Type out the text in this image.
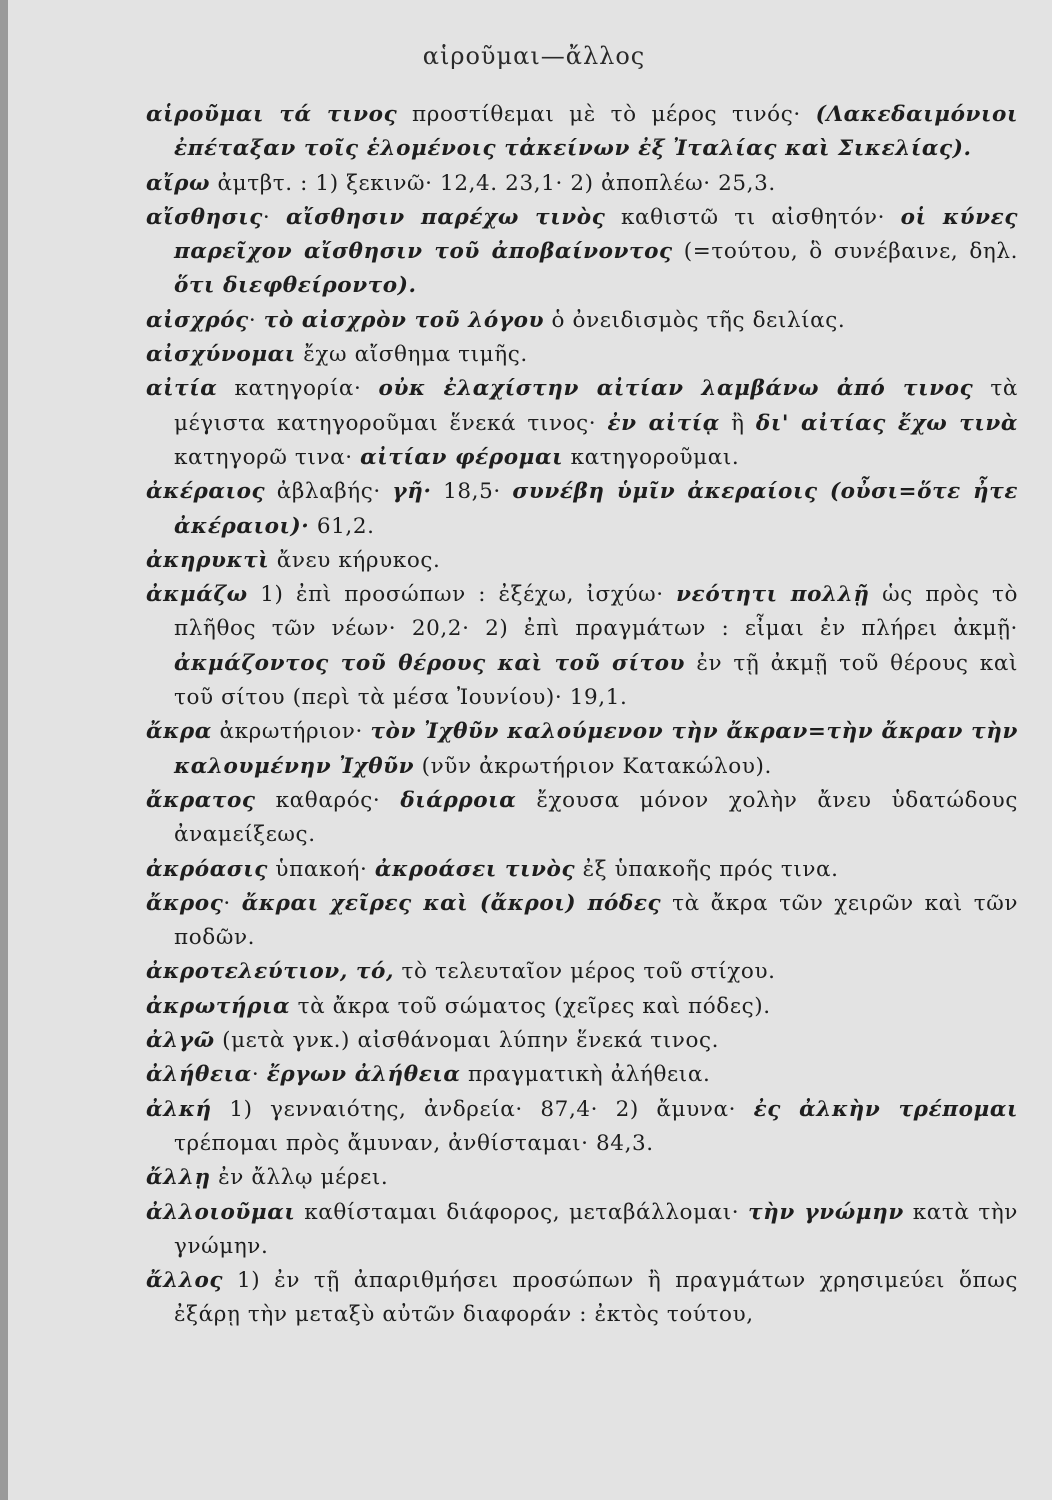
αἱροῦμαι—ἄλλος

αἱροῦμαι τά τινος προστίθεμαι μὲ τὸ μέρος τινός· (Λακεδαιμόνιοι ἐπέταξαν τοῖς ἑλομένοις τἀκείνων ἐξ Ἰταλίας καὶ Σικελίας).

αἴρω ἀμτβτ. : 1) ξεκινῶ· 12,4. 23,1· 2) ἀποπλέω· 25,3.

αἴσθησις· αἴσθησιν παρέχω τινὸς καθιστῶ τι αἰσθητόν· οἱ κύνες παρεῖχον αἴσθησιν τοῦ ἀποβαίνοντος (=τούτου, ὃ συνέβαινε, δηλ. ὅτι διεφθείροντο).

αἰσχρός· τὸ αἰσχρὸν τοῦ λόγου ὁ ὀνειδισμὸς τῆς δειλίας.

αἰσχύνομαι ἔχω αἴσθημα τιμῆς.

αἰτία κατηγορία· οὐκ ἐλαχίστην αἰτίαν λαμβάνω ἀπό τινος τὰ μέγιστα κατηγοροῦμαι ἕνεκά τινος· ἐν αἰτίᾳ ἢ δι' αἰτίας ἔχω τινὰ κατηγορῶ τινα· αἰτίαν φέρομαι κατηγοροῦμαι.

ἀκέραιος ἀβλαβής· γῆ· 18,5· συνέβη ὑμῖν ἀκεραίοις (οὖσι=ὅτε ἦτε ἀκέραιοι)· 61,2.

ἀκηρυκτὶ ἄνευ κήρυκος.

ἀκμάζω 1) ἐπὶ προσώπων : ἐξέχω, ἰσχύω· νεότητι πολλῇ ὡς πρὸς τὸ πλῆθος τῶν νέων· 20,2· 2) ἐπὶ πραγμάτων : εἶμαι ἐν πλήρει ἀκμῇ· ἀκμάζοντος τοῦ θέρους καὶ τοῦ σίτου ἐν τῇ ἀκμῇ τοῦ θέρους καὶ τοῦ σίτου (περὶ τὰ μέσα Ἰουνίου)· 19,1.

ἄκρα ἀκρωτήριον· τὸν Ἰχθῦν καλούμενον τὴν ἄκραν=τὴν ἄκραν τὴν καλουμένην Ἰχθῦν (νῦν ἀκρωτήριον Κατακώλου).

ἄκρατος καθαρός· διάρροια ἔχουσα μόνον χολὴν ἄνευ ὑδατώδους ἀναμείξεως.

ἀκρόασις ὑπακοή· ἀκροάσει τινὸς ἐξ ὑπακοῆς πρός τινα.

ἄκρος· ἄκραι χεῖρες καὶ (ἄκροι) πόδες τὰ ἄκρα τῶν χειρῶν καὶ τῶν ποδῶν.

ἀκροτελεύτιον, τό, τὸ τελευταῖον μέρος τοῦ στίχου.

ἀκρωτήρια τὰ ἄκρα τοῦ σώματος (χεῖρες καὶ πόδες).

ἀλγῶ (μετὰ γνκ.) αἰσθάνομαι λύπην ἕνεκά τινος.

ἀλήθεια· ἔργων ἀλήθεια πραγματικὴ ἀλήθεια.

ἀλκή 1) γενναιότης, ἀνδρεία· 87,4· 2) ἄμυνα· ἐς ἀλκὴν τρέπομαι τρέπομαι πρὸς ἄμυναν, ἀνθίσταμαι· 84,3.

ἄλλῃ ἐν ἄλλῳ μέρει.

ἀλλοιοῦμαι καθίσταμαι διάφορος, μεταβάλλομαι· τὴν γνώμην κατὰ τὴν γνώμην.

ἄλλος 1) ἐν τῇ ἀπαριθμήσει προσώπων ἢ πραγμάτων χρησιμεύει ὅπως ἐξάρῃ τὴν μεταξὺ αὐτῶν διαφοράν : ἐκτὸς τούτου,
